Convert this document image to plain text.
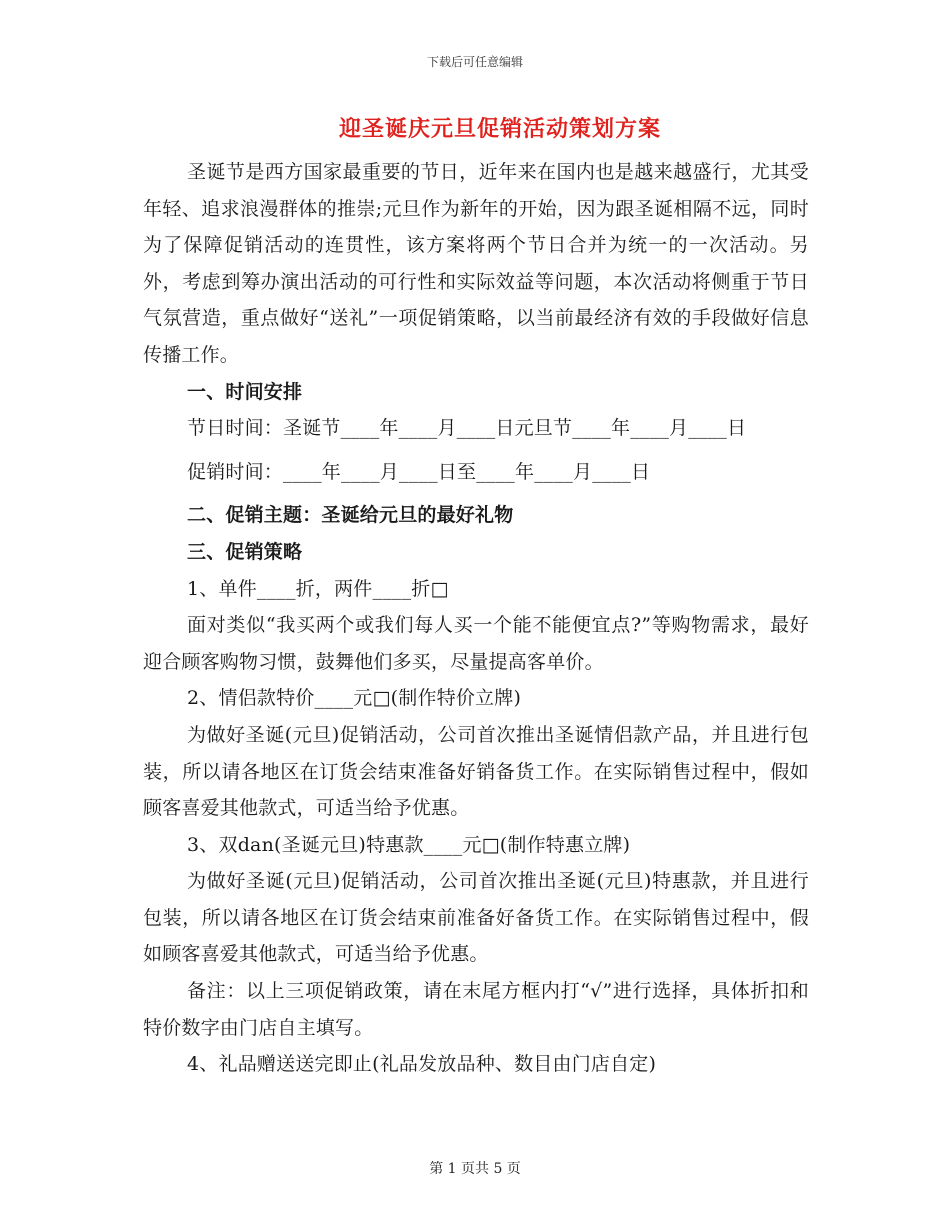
下载后可任意编辑
迎圣诞庆元旦促销活动策划方案

圣诞节是西方国家最重要的节日，近年来在国内也是越来越盛行，尤其受年轻、追求浪漫群体的推崇;元旦作为新年的开始，因为跟圣诞相隔不远，同时为了保障促销活动的连贯性，该方案将两个节日合并为统一的一次活动。另外，考虑到筹办演出活动的可行性和实际效益等问题，本次活动将侧重于节日气氛营造，重点做好“送礼”一项促销策略，以当前最经济有效的手段做好信息传播工作。

一、时间安排

节日时间：圣诞节____年____月____日元旦节____年____月____日

促销时间：____年____月____日至____年____月____日

二、促销主题：圣诞给元旦的最好礼物

三、促销策略

1、单件____折，两件____折□

面对类似“我买两个或我们每人买一个能不能便宜点?”等购物需求，最好迎合顾客购物习惯，鼓舞他们多买，尽量提高客单价。

2、情侣款特价____元□(制作特价立牌)

为做好圣诞(元旦)促销活动，公司首次推出圣诞情侣款产品，并且进行包装，所以请各地区在订货会结束准备好销备货工作。在实际销售过程中，假如顾客喜爱其他款式，可适当给予优惠。

3、双dan(圣诞元旦)特惠款____元□(制作特惠立牌)

为做好圣诞(元旦)促销活动，公司首次推出圣诞(元旦)特惠款，并且进行包装，所以请各地区在订货会结束前准备好备货工作。在实际销售过程中，假如顾客喜爱其他款式，可适当给予优惠。

备注：以上三项促销政策，请在末尾方框内打“√”进行选择，具体折扣和特价数字由门店自主填写。

4、礼品赠送送完即止(礼品发放品种、数目由门店自定)

第 1 页共 5 页
